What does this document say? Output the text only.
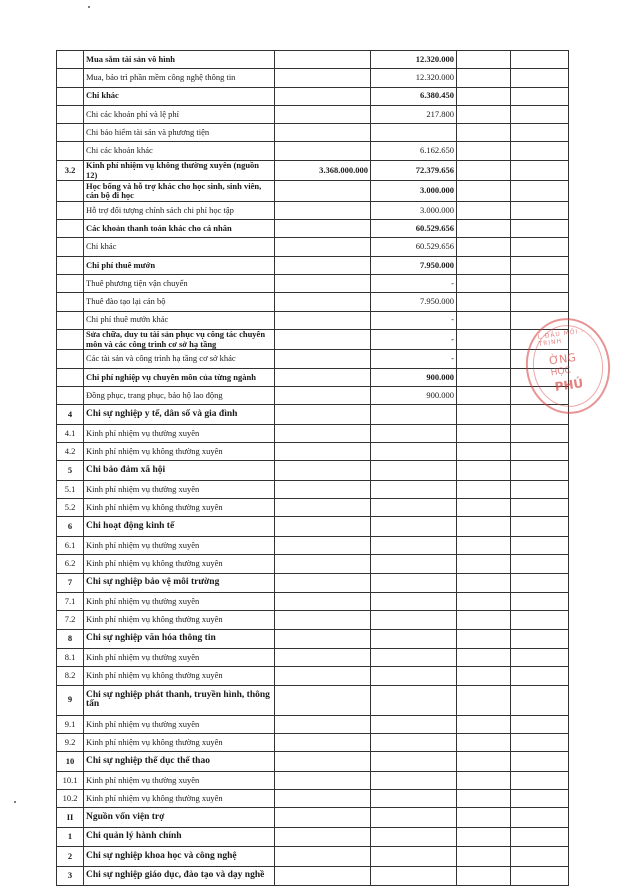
	Mua sắm tài sản vô hình		12.320.000		
	Mua, bảo trì phần mềm công nghệ thông tin		12.320.000		
	Chi khác		6.380.450		
	Chi các khoản phí và lệ phí		217.800		
	Chi bảo hiểm tài sản và phương tiện				
	Chi các khoản khác		6.162.650		
3.2	Kinh phí nhiệm vụ không thường xuyên (nguồn 12)	3.368.000.000	72.379.656		
	Học bổng và hỗ trợ khác cho học sinh, sinh viên, cán bộ đi học		3.000.000		
	Hỗ trợ đối tượng chính sách chi phí học tập		3.000.000		
	Các khoản thanh toán khác cho cá nhân		60.529.656		
	Chi khác		60.529.656		
	Chi phí thuê mướn		7.950.000		
	Thuê phương tiện vận chuyển		-		
	Thuê đào tạo lại cán bộ		7.950.000		
	Chi phí thuê mướn khác		-		
	Sửa chữa, duy tu tài sản phục vụ công tác chuyên môn và các công trình cơ sở hạ tầng		-		
	Các tài sản và công trình hạ tầng cơ sở khác		-		
	Chi phí nghiệp vụ chuyên môn của từng ngành		900.000		
	Đồng phục, trang phục, bảo hộ lao động		900.000		
4	Chi sự nghiệp y tế, dân số và gia đình				
4.1	Kinh phí nhiệm vụ thường xuyên				
4.2	Kinh phí nhiệm vụ không thường xuyên				
5	Chi bảo đảm xã hội				
5.1	Kinh phí nhiệm vụ thường xuyên				
5.2	Kinh phí nhiệm vụ không thường xuyên				
6	Chi hoạt động kinh tế				
6.1	Kinh phí nhiệm vụ thường xuyên				
6.2	Kinh phí nhiệm vụ không thường xuyên				
7	Chi sự nghiệp bảo vệ môi trường				
7.1	Kinh phí nhiệm vụ thường xuyên				
7.2	Kinh phí nhiệm vụ không thường xuyên				
8	Chi sự nghiệp văn hóa thông tin				
8.1	Kinh phí nhiệm vụ thường xuyên				
8.2	Kinh phí nhiệm vụ không thường xuyên				
9	Chi sự nghiệp phát thanh, truyền hình, thông tấn				
9.1	Kinh phí nhiệm vụ thường xuyên				
9.2	Kinh phí nhiệm vụ không thường xuyên				
10	Chi sự nghiệp thể dục thể thao				
10.1	Kinh phí nhiệm vụ thường xuyên				
10.2	Kinh phí nhiệm vụ không thường xuyên				
II	Nguồn vốn viện trợ				
1	Chi quản lý hành chính				
2	Chi sự nghiệp khoa học và công nghệ				
3	Chi sự nghiệp giáo dục, đào tạo và dạy nghề				
L ĐẦU MỐI - TRỊNH
ỜNG
HỌC
PHÚ
